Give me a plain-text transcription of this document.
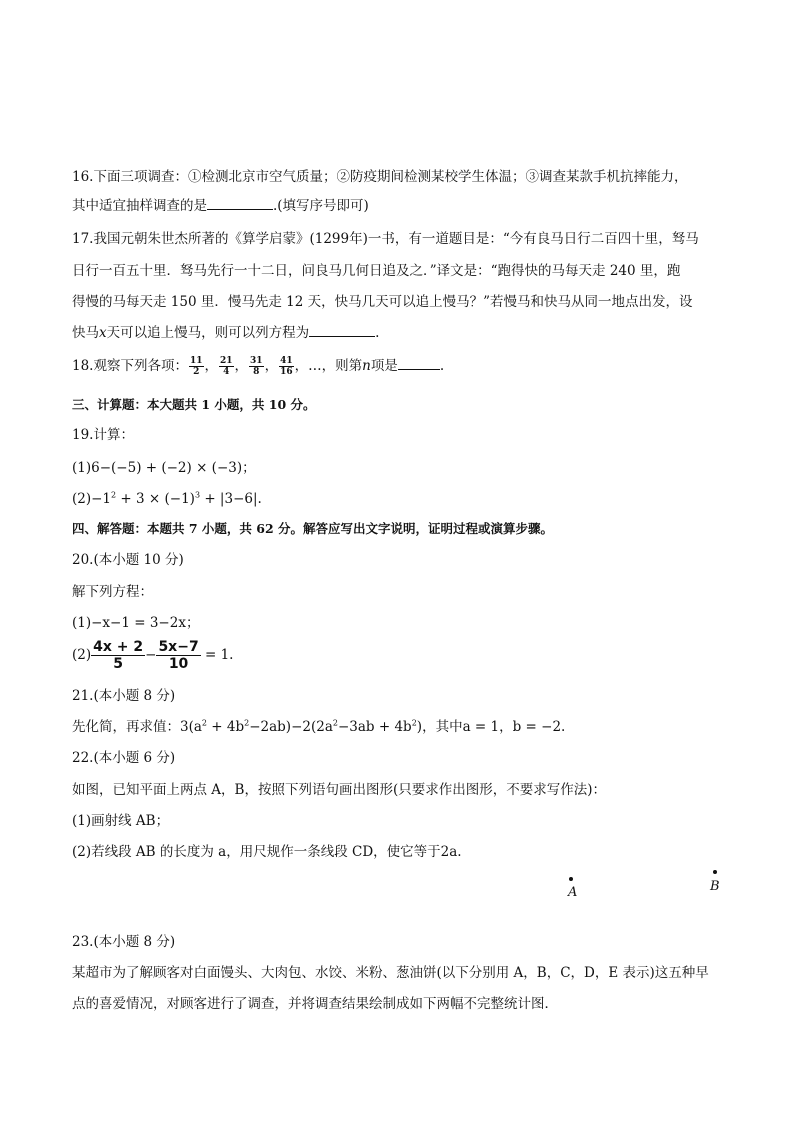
16.下面三项调查：①检测北京市空气质量；②防疫期间检测某校学生体温；③调查某款手机抗摔能力，
其中适宜抽样调查的是	.(填写序号即可)
17.我国元朝朱世杰所著的《算学启蒙》(1299年)一书，有一道题目是：“今有良马日行二百四十里，驽马
日行一百五十里．驽马先行一十二日，问良马几何日追及之．”译文是：“跑得快的马每天走 240 里，跑
得慢的马每天走 150 里．慢马先走 12 天，快马几天可以追上慢马？”若慢马和快马从同一地点出发，设
快马x天可以追上慢马，则可以列方程为	.
18.观察下列各项： $\frac{11}{2}$ ， $\frac{21}{4}$ ， $\frac{31}{8}$ ， $\frac{41}{16}$ ，…，则第n项是	.
三、计算题：本大题共 1 小题，共 10 分。
19.计算：
(1)6−(−5) + (−2) × (−3)；
$(2)-1^2 + 3 \times (-1)^3 + |3-6|$.
四、解答题：本题共 7 小题，共 62 分。解答应写出文字说明，证明过程或演算步骤。
20.(本小题 10 分)
解下列方程：
(1)−x−1 = 3−2x；
$(2) \frac{4x + 2}{5} - \frac{5x-7}{10} = 1$.
21.(本小题 8 分)
先化简，再求值：$3(a^2 + 4b^2-2ab)-2(2a^2-3ab + 4b^2)$，其中a = 1，b = −2.
22.(本小题 6 分)
如图，已知平面上两点 A，B，按照下列语句画出图形(只要求作出图形，不要求写作法)：
(1)画射线 AB；
(2)若线段 AB 的长度为 a，用尺规作一条线段 CD，使它等于2a.
A	B
23.(本小题 8 分)
某超市为了解顾客对白面馒头、大肉包、水饺、米粉、葱油饼(以下分别用 A，B，C，D，E 表示)这五种早
点的喜爱情况，对顾客进行了调查，并将调查结果绘制成如下两幅不完整统计图．
